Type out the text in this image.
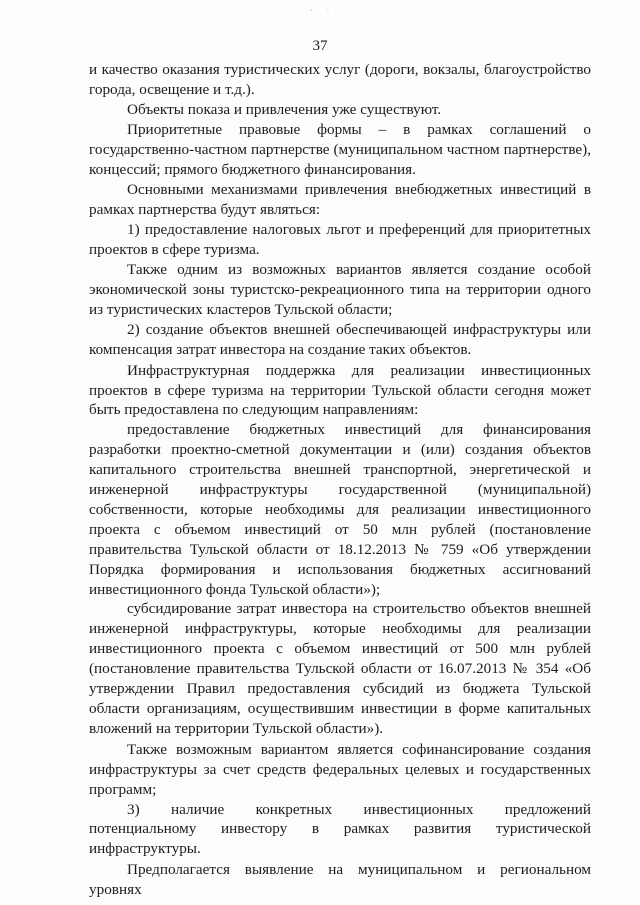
· ·
37

и качество оказания туристических услуг (дороги, вокзалы, благоустройство города, освещение и т.д.).

Объекты показа и привлечения уже существуют.

Приоритетные правовые формы – в рамках соглашений о государственно-частном партнерстве (муниципальном частном партнерстве), концессий; прямого бюджетного финансирования.

Основными механизмами привлечения внебюджетных инвестиций в рамках партнерства будут являться:

1) предоставление налоговых льгот и преференций для приоритетных проектов в сфере туризма.

Также одним из возможных вариантов является создание особой экономической зоны туристско-рекреационного типа на территории одного из туристических кластеров Тульской области;

2) создание объектов внешней обеспечивающей инфраструктуры или компенсация затрат инвестора на создание таких объектов.

Инфраструктурная поддержка для реализации инвестиционных проектов в сфере туризма на территории Тульской области сегодня может быть предоставлена по следующим направлениям:

предоставление бюджетных инвестиций для финансирования разработки проектно-сметной документации и (или) создания объектов капитального строительства внешней транспортной, энергетической и инженерной инфраструктуры государственной (муниципальной) собственности, которые необходимы для реализации инвестиционного проекта с объемом инвестиций от 50 млн рублей (постановление правительства Тульской области от 18.12.2013 № 759 «Об утверждении Порядка формирования и использования бюджетных ассигнований инвестиционного фонда Тульской области»);

субсидирование затрат инвестора на строительство объектов внешней инженерной инфраструктуры, которые необходимы для реализации инвестиционного проекта с объемом инвестиций от 500 млн рублей (постановление правительства Тульской области от 16.07.2013 № 354 «Об утверждении Правил предоставления субсидий из бюджета Тульской области организациям, осуществившим инвестиции в форме капитальных вложений на территории Тульской области»).

Также возможным вариантом является софинансирование создания инфраструктуры за счет средств федеральных целевых и государственных программ;

3) наличие конкретных инвестиционных предложений потенциальному инвестору в рамках развития туристической инфраструктуры.

Предполагается выявление на муниципальном и региональном уровнях
